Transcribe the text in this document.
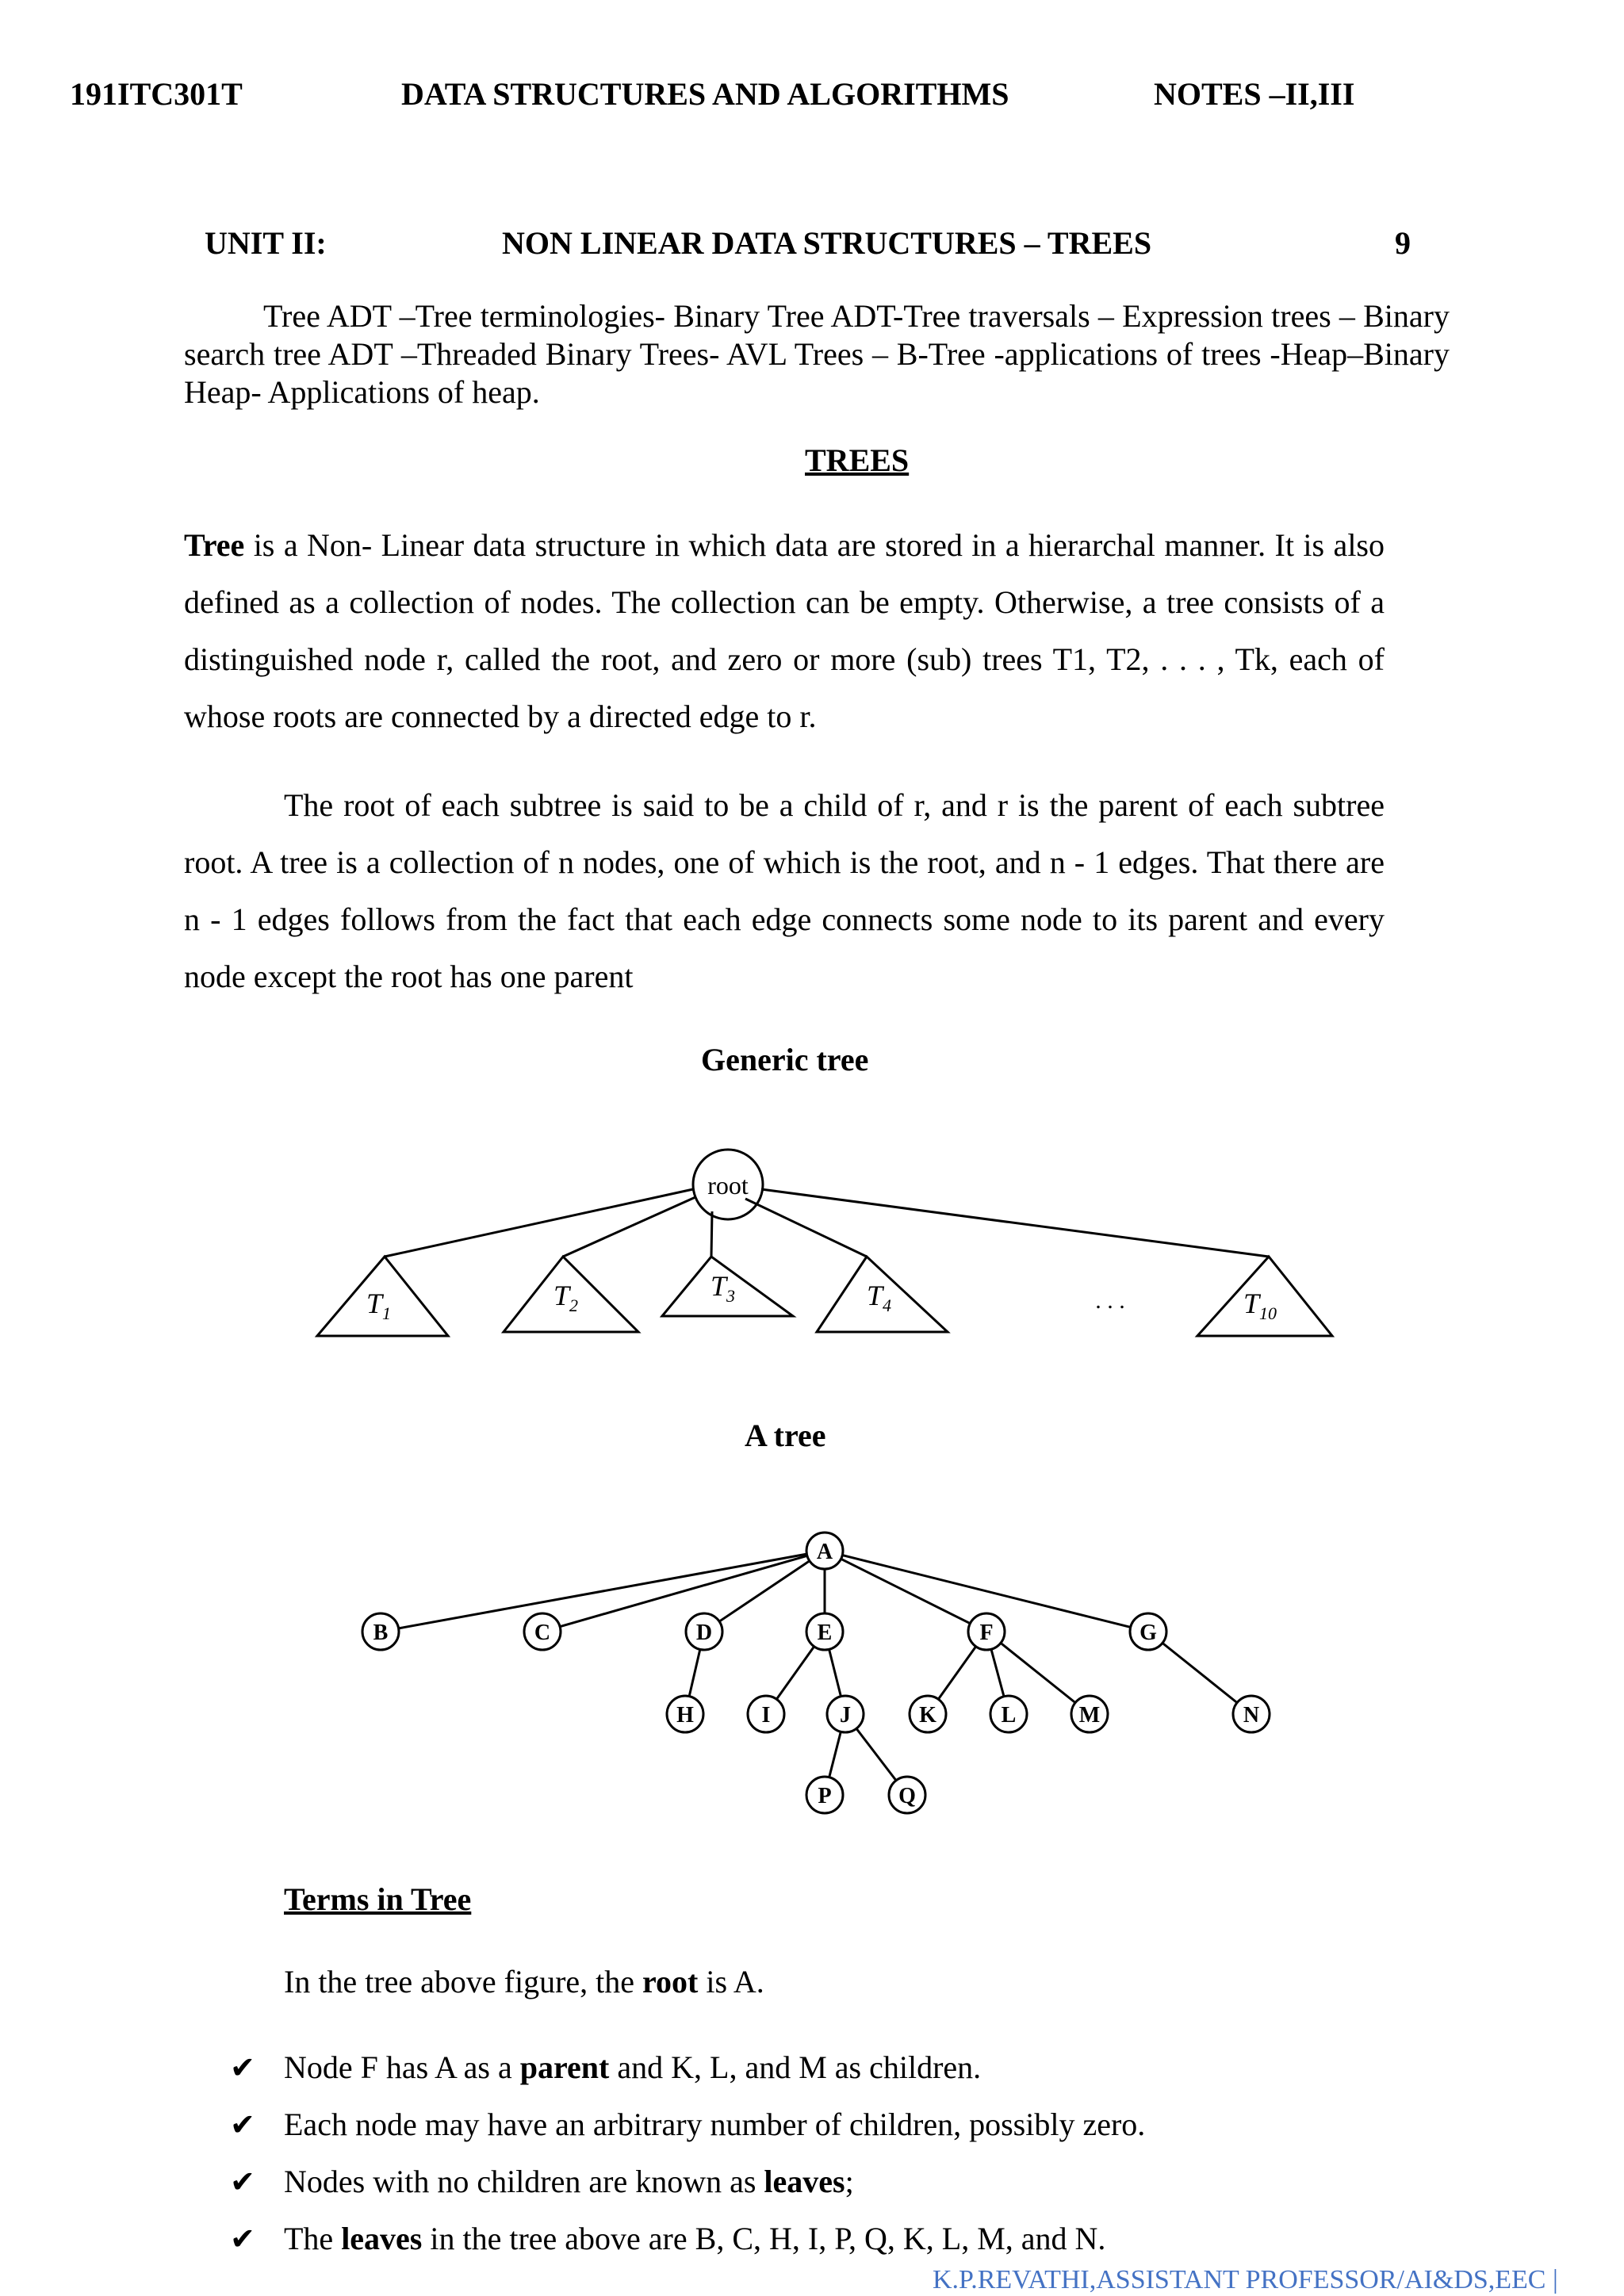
191ITC301T	DATA STRUCTURES AND ALGORITHMS	NOTES –II,III
UNIT II:	NON LINEAR DATA STRUCTURES – TREES	9

Tree ADT –Tree terminologies- Binary Tree ADT-Tree traversals – Expression trees – Binary search tree ADT –Threaded Binary Trees- AVL Trees – B-Tree -applications of trees -Heap–Binary Heap- Applications of heap.

TREES

Tree is a Non- Linear data structure in which data are stored in a hierarchal manner. It is also defined as a collection of nodes. The collection can be empty. Otherwise, a tree consists of a distinguished node r, called the root, and zero or more (sub) trees T1, T2, . . . , Tk, each of whose roots are connected by a directed edge to r.

The root of each subtree is said to be a child of r, and r is the parent of each subtree root. A tree is a collection of n nodes, one of which is the root, and n - 1 edges. That there are n - 1 edges follows from the fact that each edge connects some node to its parent and every node except the root has one parent

Generic tree
root
$T_1$
$T_2$
$T_3$	$T_4$	$T_{10}$
. . .
A tree
A
B	C	D	E	F	G
H	I	J	K	L	M	N
P	Q
Terms in Tree
In the tree above figure, the root is A.
✔ Node F has A as a parent and K, L, and M as children.
✔ Each node may have an arbitrary number of children, possibly zero.
✔ Nodes with no children are known as leaves;
✔ The leaves in the tree above are B, C, H, I, P, Q, K, L, M, and N.
K.P.REVATHI,ASSISTANT PROFESSOR/AI&DS,EEC |
